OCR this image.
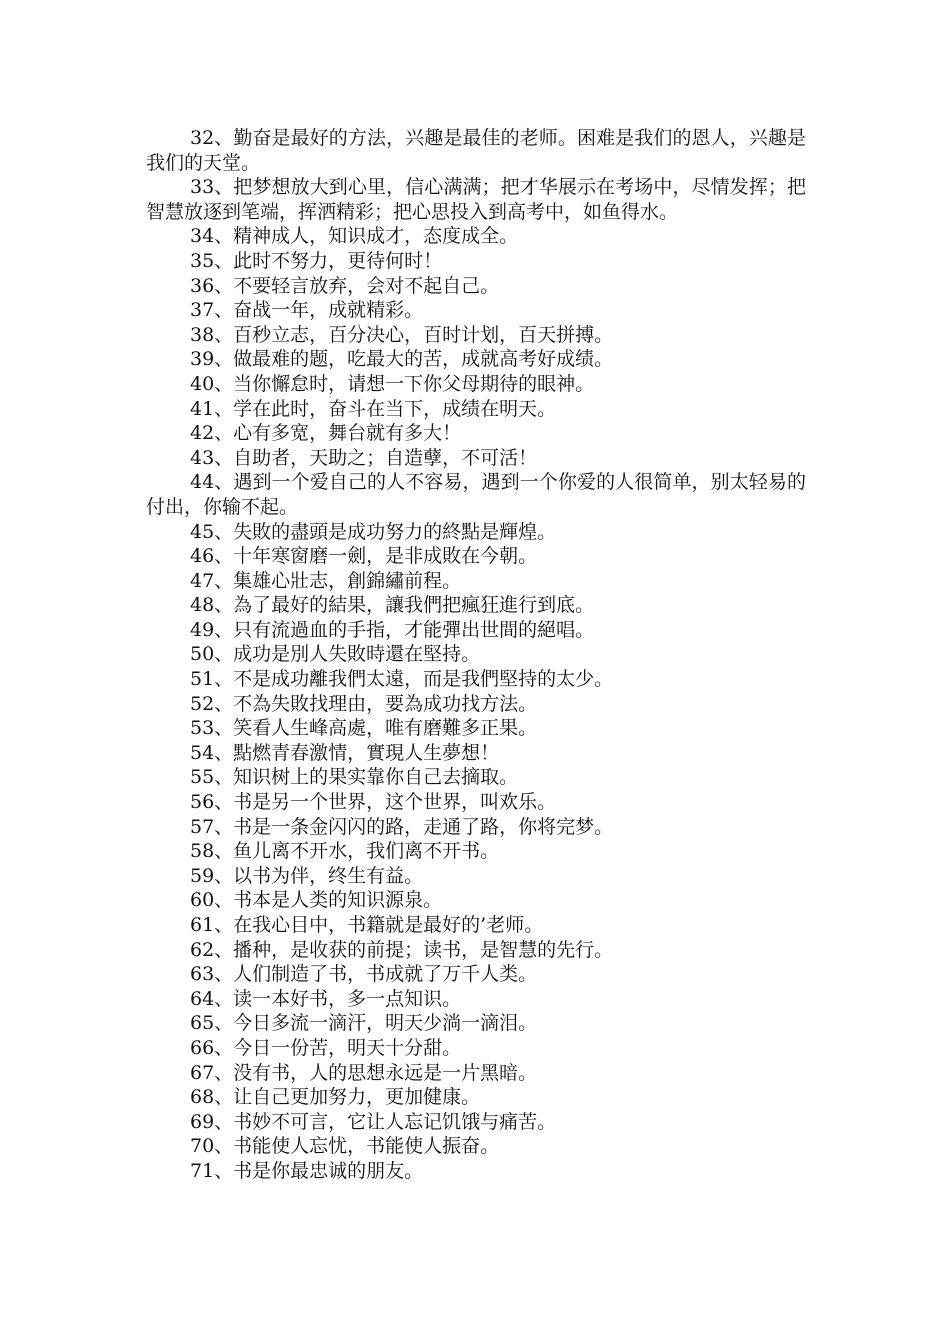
32、勤奋是最好的方法，兴趣是最佳的老师。困难是我们的恩人，兴趣是我们的天堂。

33、把梦想放大到心里，信心满满；把才华展示在考场中，尽情发挥；把智慧放逐到笔端，挥洒精彩；把心思投入到高考中，如鱼得水。

34、精神成人，知识成才，态度成全。

35、此时不努力，更待何时！

36、不要轻言放弃，会对不起自己。

37、奋战一年，成就精彩。

38、百秒立志，百分决心，百时计划，百天拼搏。

39、做最难的题，吃最大的苦，成就高考好成绩。

40、当你懈怠时，请想一下你父母期待的眼神。

41、学在此时，奋斗在当下，成绩在明天。

42、心有多宽，舞台就有多大！

43、自助者，天助之；自造孽，不可活！

44、遇到一个爱自己的人不容易，遇到一个你爱的人很简单，别太轻易的付出，你输不起。

45、失敗的盡頭是成功努力的終點是輝煌。

46、十年寒窗磨一劍，是非成敗在今朝。

47、集雄心壯志，創錦繡前程。

48、為了最好的結果，讓我們把瘋狂進行到底。

49、只有流過血的手指，才能彈出世間的絕唱。

50、成功是別人失敗時還在堅持。

51、不是成功離我們太遠，而是我們堅持的太少。

52、不為失敗找理由，要為成功找方法。

53、笑看人生峰高處，唯有磨難多正果。

54、點燃青春激情，實現人生夢想！

55、知识树上的果实靠你自己去摘取。

56、书是另一个世界，这个世界，叫欢乐。

57、书是一条金闪闪的路，走通了路，你将完梦。

58、鱼儿离不开水，我们离不开书。

59、以书为伴，终生有益。

60、书本是人类的知识源泉。

61、在我心目中，书籍就是最好的’老师。

62、播种，是收获的前提；读书，是智慧的先行。

63、人们制造了书，书成就了万千人类。

64、读一本好书，多一点知识。

65、今日多流一滴汗，明天少淌一滴泪。

66、今日一份苦，明天十分甜。

67、没有书，人的思想永远是一片黑暗。

68、让自己更加努力，更加健康。

69、书妙不可言，它让人忘记饥饿与痛苦。

70、书能使人忘忧，书能使人振奋。

71、书是你最忠诚的朋友。
